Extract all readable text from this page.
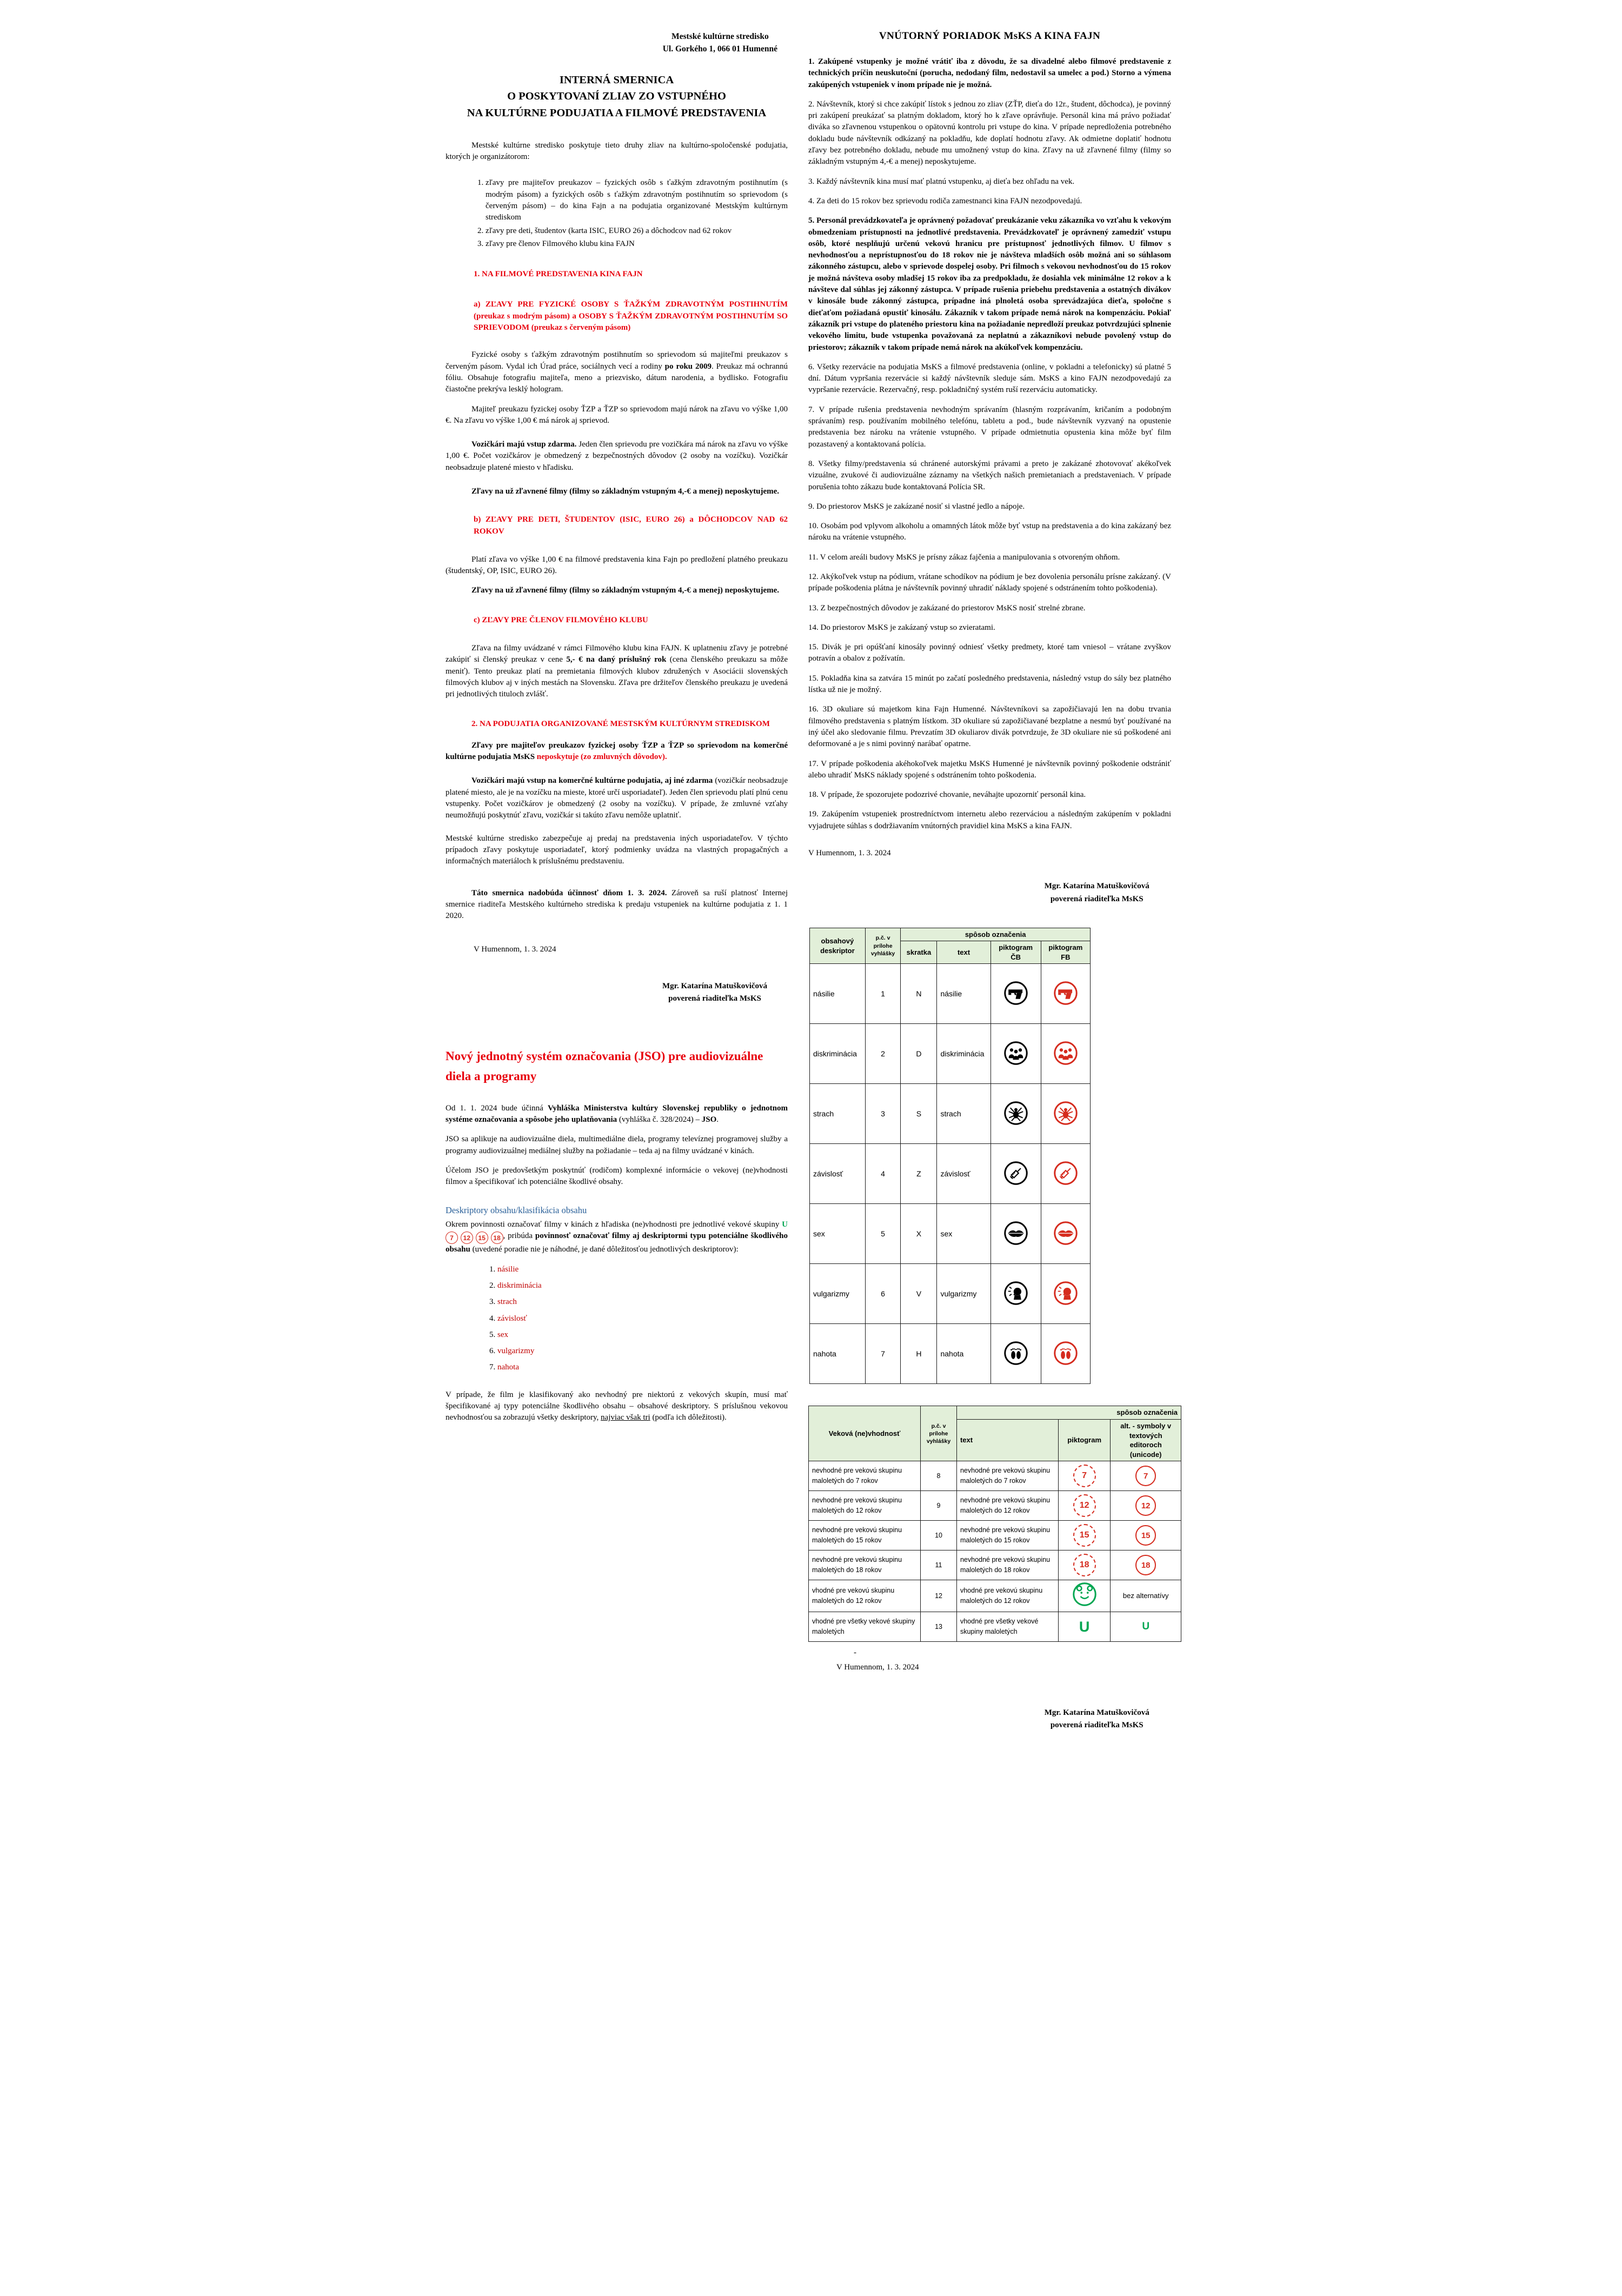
Mestské kultúrne stredisko
Ul. Gorkého 1, 066 01 Humenné
INTERNÁ SMERNICA
O POSKYTOVANÍ ZLIAV ZO VSTUPNÉHO
NA KULTÚRNE PODUJATIA A FILMOVÉ PREDSTAVENIA

Mestské kultúrne stredisko poskytuje tieto druhy zliav na kultúrno-spoločenské podujatia, ktorých je organizátorom:

1. zľavy pre majiteľov preukazov – fyzických osôb s ťažkým zdravotným postihnutím (s modrým pásom) a fyzických osôb s ťažkým zdravotným postihnutím so sprievodom (s červeným pásom) – do kina Fajn a na podujatia organizované Mestským kultúrnym strediskom
2. zľavy pre deti, študentov (karta ISIC, EURO 26) a dôchodcov nad 62 rokov
3. zľavy pre členov Filmového klubu kina FAJN

1. NA FILMOVÉ PREDSTAVENIA KINA FAJN

a) ZĽAVY PRE FYZICKÉ OSOBY S ŤAŽKÝM ZDRAVOTNÝM POSTIHNUTÍM (preukaz s modrým pásom) a OSOBY S ŤAŽKÝM ZDRAVOTNÝM POSTIHNUTÍM SO SPRIEVODOM (preukaz s červeným pásom)

Fyzické osoby s ťažkým zdravotným postihnutím so sprievodom sú majiteľmi preukazov s červeným pásom. Vydal ich Úrad práce, sociálnych vecí a rodiny po roku 2009. Preukaz má ochrannú fóliu. Obsahuje fotografiu majiteľa, meno a priezvisko, dátum narodenia, a bydlisko. Fotografiu čiastočne prekrýva lesklý hologram.

Majiteľ preukazu fyzickej osoby ŤZP a ŤZP so sprievodom majú nárok na zľavu vo výške 1,00 €. Na zľavu vo výške 1,00 € má nárok aj sprievod.

Vozičkári majú vstup zdarma. Jeden člen sprievodu pre vozičkára má nárok na zľavu vo výške 1,00 €. Počet vozičkárov je obmedzený z bezpečnostných dôvodov (2 osoby na vozíčku). Vozičkár neobsadzuje platené miesto v hľadisku.

Zľavy na už zľavnené filmy (filmy so základným vstupným 4,-€ a menej) neposkytujeme.

b) ZĽAVY PRE DETI, ŠTUDENTOV (ISIC, EURO 26) a DÔCHODCOV NAD 62 ROKOV

Platí zľava vo výške 1,00 € na filmové predstavenia kina Fajn po predložení platného preukazu (študentský, OP, ISIC, EURO 26).

Zľavy na už zľavnené filmy (filmy so základným vstupným 4,-€ a menej) neposkytujeme.

c) ZĽAVY PRE ČLENOV FILMOVÉHO KLUBU

Zľava na filmy uvádzané v rámci Filmového klubu kina FAJN. K uplatneniu zľavy je potrebné zakúpiť si členský preukaz v cene 5,- € na daný príslušný rok (cena členského preukazu sa môže meniť). Tento preukaz platí na premietania filmových klubov združených v Asociácii slovenských filmových klubov aj v iných mestách na Slovensku. Zľava pre držiteľov členského preukazu je uvedená pri jednotlivých tituloch zvlášť.

2. NA PODUJATIA ORGANIZOVANÉ MESTSKÝM KULTÚRNYM STREDISKOM

Zľavy pre majiteľov preukazov fyzickej osoby ŤZP a ŤZP so sprievodom na komerčné kultúrne podujatia MsKS neposkytuje (zo zmluvných dôvodov).

Vozičkári majú vstup na komerčné kultúrne podujatia, aj iné zdarma (vozičkár neobsadzuje platené miesto, ale je na vozíčku na mieste, ktoré určí usporiadateľ). Jeden člen sprievodu platí plnú cenu vstupenky. Počet vozičkárov je obmedzený (2 osoby na vozíčku). V prípade, že zmluvné vzťahy neumožňujú poskytnúť zľavu, vozičkár si takúto zľavu nemôže uplatniť.

Mestské kultúrne stredisko zabezpečuje aj predaj na predstavenia iných usporiadateľov. V týchto prípadoch zľavy poskytuje usporiadateľ, ktorý podmienky uvádza na vlastných propagačných a informačných materiáloch k príslušnému predstaveniu.

Táto smernica nadobúda účinnosť dňom 1. 3. 2024. Zároveň sa ruší platnosť Internej smernice riaditeľa Mestského kultúrneho strediska k predaju vstupeniek na kultúrne podujatia z 1. 1 2020.

V Humennom, 1. 3. 2024

Mgr. Katarína Matuškovičová
poverená riaditeľka MsKS
Nový jednotný systém označovania (JSO) pre audiovizuálne diela a programy

Od 1. 1. 2024 bude účinná Vyhláška Ministerstva kultúry Slovenskej republiky o jednotnom systéme označovania a spôsobe jeho uplatňovania (vyhláška č. 328/2024) – JSO.

JSO sa aplikuje na audiovizuálne diela, multimediálne diela, programy televíznej programovej služby a programy audiovizuálnej mediálnej služby na požiadanie – teda aj na filmy uvádzané v kinách.

Účelom JSO je predovšetkým poskytnúť (rodičom) komplexné informácie o vekovej (ne)vhodnosti filmov a špecifikovať ich potenciálne škodlivé obsahy.

Deskriptory obsahu/klasifikácia obsahu

Okrem povinnosti označovať filmy v kinách z hľadiska (ne)vhodnosti pre jednotlivé vekové skupiny U 7 12 15 18 , pribúda povinnosť označovať filmy aj deskriptormi typu potenciálne škodlivého obsahu (uvedené poradie nie je náhodné, je dané dôležitosťou jednotlivých deskriptorov):

1. násilie
2. diskriminácia
3. strach
4. závislosť
5. sex
6. vulgarizmy
7. nahota

V prípade, že film je klasifikovaný ako nevhodný pre niektorú z vekových skupín, musí mať špecifikované aj typy potenciálne škodlivého obsahu – obsahové deskriptory. S príslušnou vekovou nevhodnosťou sa zobrazujú všetky deskriptory, najviac však tri (podľa ich dôležitosti).

VNÚTORNÝ PORIADOK MsKS A KINA FAJN

1. Zakúpené vstupenky je možné vrátiť iba z dôvodu, že sa divadelné alebo filmové predstavenie z technických príčin neuskutoční (porucha, nedodaný film, nedostavil sa umelec a pod.) Storno a výmena zakúpených vstupeniek v inom prípade nie je možná.

2. Návštevník, ktorý si chce zakúpiť lístok s jednou zo zliav (ZŤP, dieťa do 12r., študent, dôchodca), je povinný pri zakúpení preukázať sa platným dokladom, ktorý ho k zľave oprávňuje. Personál kina má právo požiadať diváka so zľavnenou vstupenkou o opätovnú kontrolu pri vstupe do kina. V prípade nepredloženia potrebného dokladu bude návštevník odkázaný na pokladňu, kde doplatí hodnotu zľavy. Ak odmietne doplatiť hodnotu zľavy bez potrebného dokladu, nebude mu umožnený vstup do kina. Zľavy na už zľavnené filmy (filmy so základným vstupným 4,-€ a menej) neposkytujeme.

3. Každý návštevník kina musí mať platnú vstupenku, aj dieťa bez ohľadu na vek.

4. Za deti do 15 rokov bez sprievodu rodiča zamestnanci kina FAJN nezodpovedajú.

5. Personál prevádzkovateľa je oprávnený požadovať preukázanie veku zákazníka vo vzťahu k vekovým obmedzeniam prístupnosti na jednotlivé predstavenia. Prevádzkovateľ je oprávnený zamedziť vstupu osôb, ktoré nesplňujú určenú vekovú hranicu pre prístupnosť jednotlivých filmov. U filmov s nevhodnosťou a neprístupnosťou do 18 rokov nie je návšteva mladších osôb možná ani so súhlasom zákonného zástupcu, alebo v sprievode dospelej osoby. Pri filmoch s vekovou nevhodnosťou do 15 rokov je možná návšteva osoby mladšej 15 rokov iba za predpokladu, že dosiahla vek minimálne 12 rokov a k návšteve dal súhlas jej zákonný zástupca. V prípade rušenia priebehu predstavenia a ostatných divákov v kinosále bude zákonný zástupca, prípadne iná plnoletá osoba sprevádzajúca dieťa, spoločne s dieťaťom požiadaná opustiť kinosálu. Zákazník v takom prípade nemá nárok na kompenzáciu. Pokiaľ zákazník pri vstupe do plateného priestoru kina na požiadanie nepredloží preukaz potvrdzujúci splnenie vekového limitu, bude vstupenka považovaná za neplatnú a zákazníkovi nebude povolený vstup do priestorov; zákazník v takom prípade nemá nárok na akúkoľvek kompenzáciu.

6. Všetky rezervácie na podujatia MsKS a filmové predstavenia (online, v pokladni a telefonicky) sú platné 5 dní. Dátum vypršania rezervácie si každý návštevník sleduje sám. MsKS a kino FAJN nezodpovedajú za vypršanie rezervácie. Rezervačný, resp. pokladničný systém ruší rezerváciu automaticky.

7. V prípade rušenia predstavenia nevhodným správaním (hlasným rozprávaním, kričaním a podobným správaním) resp. používaním mobilného telefónu, tabletu a pod., bude návštevník vyzvaný na opustenie predstavenia bez nároku na vrátenie vstupného. V prípade odmietnutia opustenia kina môže byť film pozastavený a kontaktovaná polícia.

8. Všetky filmy/predstavenia sú chránené autorskými právami a preto je zakázané zhotovovať akékoľvek vizuálne, zvukové či audiovizuálne záznamy na všetkých našich premietaniach a predstaveniach. V prípade porušenia tohto zákazu bude kontaktovaná Polícia SR.

9. Do priestorov MsKS je zakázané nosiť si vlastné jedlo a nápoje.

10. Osobám pod vplyvom alkoholu a omamných látok môže byť vstup na predstavenia a do kina zakázaný bez nároku na vrátenie vstupného.

11. V celom areáli budovy MsKS je prísny zákaz fajčenia a manipulovania s otvoreným ohňom.

12. Akýkoľvek vstup na pódium, vrátane schodíkov na pódium je bez dovolenia personálu prísne zakázaný. (V prípade poškodenia plátna je návštevník povinný uhradiť náklady spojené s odstránením tohto poškodenia).

13. Z bezpečnostných dôvodov je zakázané do priestorov MsKS nosiť strelné zbrane.

14. Do priestorov MsKS je zakázaný vstup so zvieratami.

15. Divák je pri opúšťaní kinosály povinný odniesť všetky predmety, ktoré tam vniesol – vrátane zvyškov potravín a obalov z požívatín.

15. Pokladňa kina sa zatvára 15 minút po začatí posledného predstavenia, následný vstup do sály bez platného lístka už nie je možný.

16. 3D okuliare sú majetkom kina Fajn Humenné. Návštevníkovi sa zapožičiavajú len na dobu trvania filmového predstavenia s platným lístkom. 3D okuliare sú zapožičiavané bezplatne a nesmú byť používané na iný účel ako sledovanie filmu. Prevzatím 3D okuliarov divák potvrdzuje, že 3D okuliare nie sú poškodené ani deformované a je s nimi povinný narábať opatrne.

17. V prípade poškodenia akéhokoľvek majetku MsKS Humenné je návštevník povinný poškodenie odstrániť alebo uhradiť MsKS náklady spojené s odstránením tohto poškodenia.

18. V prípade, že spozorujete podozrivé chovanie, neváhajte upozorniť personál kina.

19. Zakúpením vstupeniek prostredníctvom internetu alebo rezerváciou a následným zakúpením v pokladni vyjadrujete súhlas s dodržiavaním vnútorných pravidiel kina MsKS a kina FAJN.

V Humennom, 1. 3. 2024

Mgr. Katarína Matuškovičová
poverená riaditeľka MsKS
obsahový deskriptor	p.č. v prílohe vyhlášky	spôsob označenia			
		skratka	text	piktogram ČB	piktogram FB
násilie	1	N	násilie		
diskriminácia	2	D	diskriminácia		
strach	3	S	strach		
závislosť	4	Z	závislosť		
sex	5	X	sex		
vulgarizmy	6	V	vulgarizmy		
nahota	7	H	nahota		
Veková (ne)vhodnosť	p.č. v prílohe vyhlášky	spôsob označenia		
		text	piktogram	alt. - symboly v textových editoroch (unicode)
nevhodné pre vekovú skupinu maloletých do 7 rokov	8	nevhodné pre vekovú skupinu maloletých do 7 rokov	7	7
nevhodné pre vekovú skupinu maloletých do 12 rokov	9	nevhodné pre vekovú skupinu maloletých do 12 rokov	12	12
nevhodné pre vekovú skupinu maloletých do 15 rokov	10	nevhodné pre vekovú skupinu maloletých do 15 rokov	15	15
nevhodné pre vekovú skupinu maloletých do 18 rokov	11	nevhodné pre vekovú skupinu maloletých do 18 rokov	18	18
vhodné pre vekovú skupinu maloletých do 12 rokov	12	vhodné pre vekovú skupinu maloletých do 12 rokov		bez alternatívy
vhodné pre všetky vekové skupiny maloletých	13	vhodné pre všetky vekové skupiny maloletých	U	U

-

V Humennom, 1. 3. 2024

Mgr. Katarína Matuškovičová
poverená riaditeľka MsKS
